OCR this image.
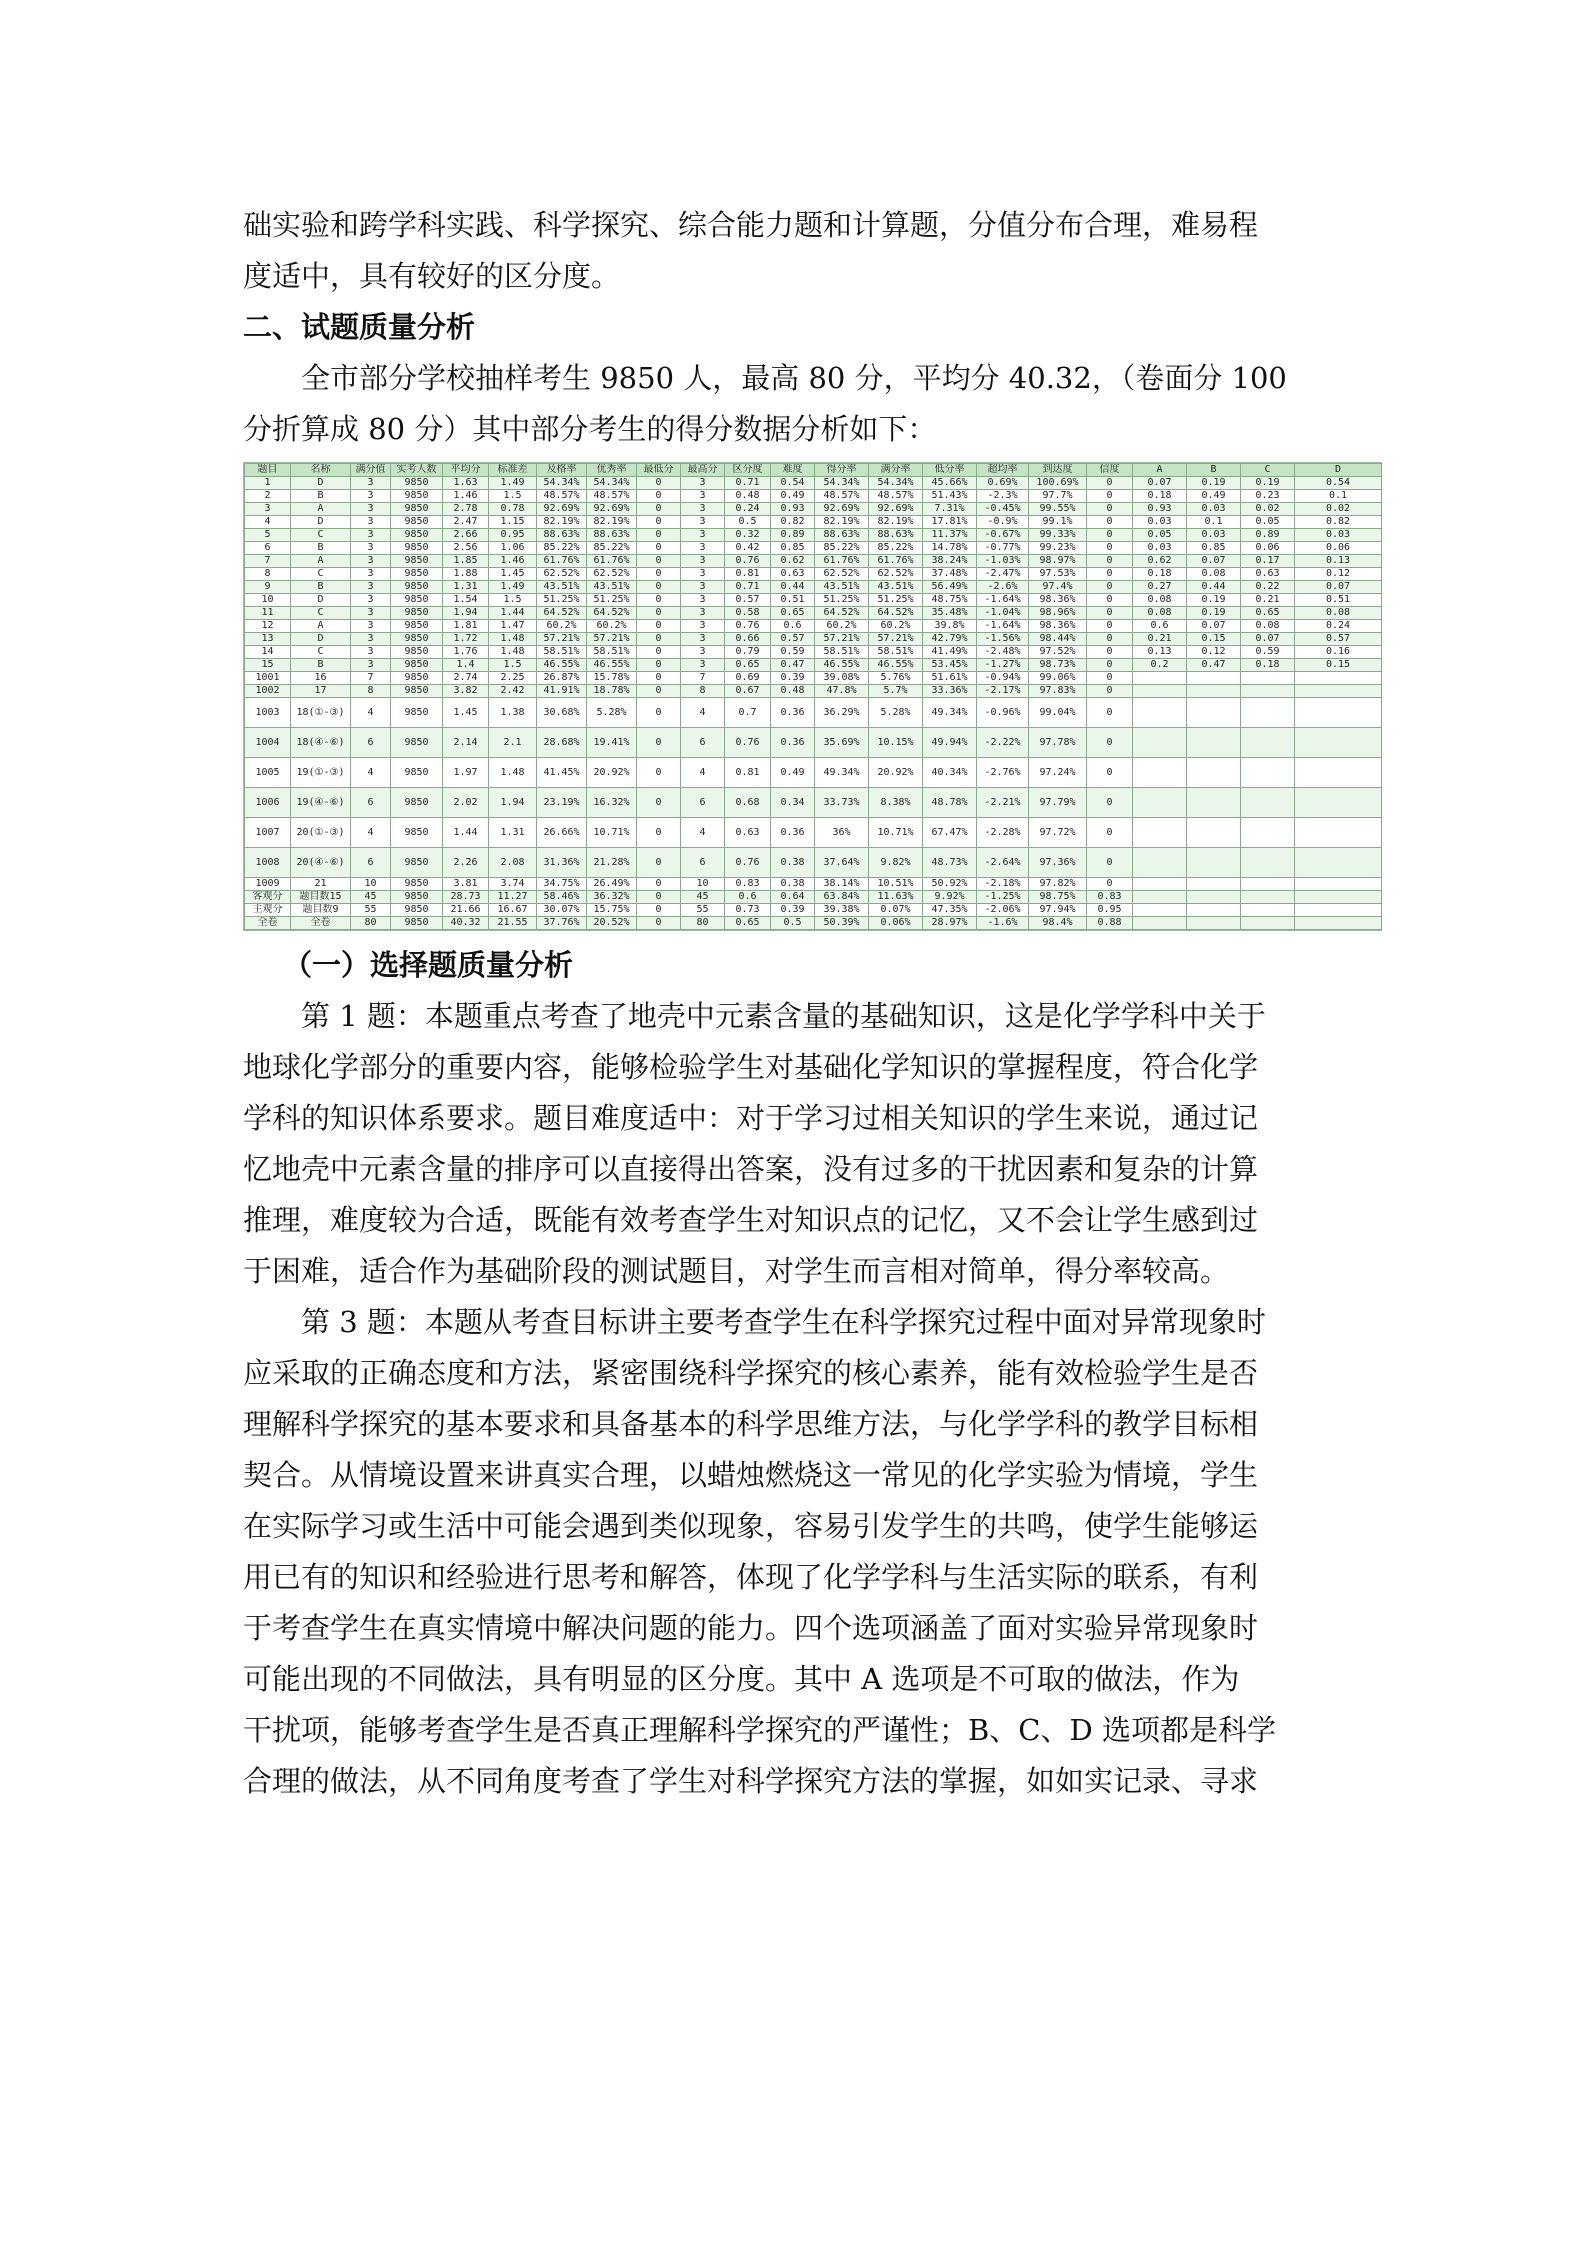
础实验和跨学科实践、科学探究、综合能力题和计算题，分值分布合理，难易程

度适中，具有较好的区分度。

二、试题质量分析

全市部分学校抽样考生 9850 人，最高 80 分，平均分 40.32，（卷面分 100

分折算成 80 分）其中部分考生的得分数据分析如下：

题目	名称	满分值	实考人数	平均分	标准差	及格率	优秀率	最低分	最高分	区分度	难度	得分率	满分率	低分率	超均率	到达度	信度	A	B	C	D
1	D	3	9850	1.63	1.49	54.34%	54.34%	0	3	0.71	0.54	54.34%	54.34%	45.66%	0.69%	100.69%	0	0.07	0.19	0.19	0.54
2	B	3	9850	1.46	1.5	48.57%	48.57%	0	3	0.48	0.49	48.57%	48.57%	51.43%	-2.3%	97.7%	0	0.18	0.49	0.23	0.1
3	A	3	9850	2.78	0.78	92.69%	92.69%	0	3	0.24	0.93	92.69%	92.69%	7.31%	-0.45%	99.55%	0	0.93	0.03	0.02	0.02
4	D	3	9850	2.47	1.15	82.19%	82.19%	0	3	0.5	0.82	82.19%	82.19%	17.81%	-0.9%	99.1%	0	0.03	0.1	0.05	0.82
5	C	3	9850	2.66	0.95	88.63%	88.63%	0	3	0.32	0.89	88.63%	88.63%	11.37%	-0.67%	99.33%	0	0.05	0.03	0.89	0.03
6	B	3	9850	2.56	1.06	85.22%	85.22%	0	3	0.42	0.85	85.22%	85.22%	14.78%	-0.77%	99.23%	0	0.03	0.85	0.06	0.06
7	A	3	9850	1.85	1.46	61.76%	61.76%	0	3	0.76	0.62	61.76%	61.76%	38.24%	-1.03%	98.97%	0	0.62	0.07	0.17	0.13
8	C	3	9850	1.88	1.45	62.52%	62.52%	0	3	0.81	0.63	62.52%	62.52%	37.48%	-2.47%	97.53%	0	0.18	0.08	0.63	0.12
9	B	3	9850	1.31	1.49	43.51%	43.51%	0	3	0.71	0.44	43.51%	43.51%	56.49%	-2.6%	97.4%	0	0.27	0.44	0.22	0.07
10	D	3	9850	1.54	1.5	51.25%	51.25%	0	3	0.57	0.51	51.25%	51.25%	48.75%	-1.64%	98.36%	0	0.08	0.19	0.21	0.51
11	C	3	9850	1.94	1.44	64.52%	64.52%	0	3	0.58	0.65	64.52%	64.52%	35.48%	-1.04%	98.96%	0	0.08	0.19	0.65	0.08
12	A	3	9850	1.81	1.47	60.2%	60.2%	0	3	0.76	0.6	60.2%	60.2%	39.8%	-1.64%	98.36%	0	0.6	0.07	0.08	0.24
13	D	3	9850	1.72	1.48	57.21%	57.21%	0	3	0.66	0.57	57.21%	57.21%	42.79%	-1.56%	98.44%	0	0.21	0.15	0.07	0.57
14	C	3	9850	1.76	1.48	58.51%	58.51%	0	3	0.79	0.59	58.51%	58.51%	41.49%	-2.48%	97.52%	0	0.13	0.12	0.59	0.16
15	B	3	9850	1.4	1.5	46.55%	46.55%	0	3	0.65	0.47	46.55%	46.55%	53.45%	-1.27%	98.73%	0	0.2	0.47	0.18	0.15
1001	16	7	9850	2.74	2.25	26.87%	15.78%	0	7	0.69	0.39	39.08%	5.76%	51.61%	-0.94%	99.06%	0				
1002	17	8	9850	3.82	2.42	41.91%	18.78%	0	8	0.67	0.48	47.8%	5.7%	33.36%	-2.17%	97.83%	0				
1003	18(①-③)	4	9850	1.45	1.38	30.68%	5.28%	0	4	0.7	0.36	36.29%	5.28%	49.34%	-0.96%	99.04%	0				
1004	18(④-⑥)	6	9850	2.14	2.1	28.68%	19.41%	0	6	0.76	0.36	35.69%	10.15%	49.94%	-2.22%	97.78%	0				
1005	19(①-③)	4	9850	1.97	1.48	41.45%	20.92%	0	4	0.81	0.49	49.34%	20.92%	40.34%	-2.76%	97.24%	0				
1006	19(④-⑥)	6	9850	2.02	1.94	23.19%	16.32%	0	6	0.68	0.34	33.73%	8.38%	48.78%	-2.21%	97.79%	0				
1007	20(①-③)	4	9850	1.44	1.31	26.66%	10.71%	0	4	0.63	0.36	36%	10.71%	67.47%	-2.28%	97.72%	0				
1008	20(④-⑥)	6	9850	2.26	2.08	31.36%	21.28%	0	6	0.76	0.38	37.64%	9.82%	48.73%	-2.64%	97.36%	0				
1009	21	10	9850	3.81	3.74	34.75%	26.49%	0	10	0.83	0.38	38.14%	10.51%	50.92%	-2.18%	97.82%	0				
客观分	题目数15	45	9850	28.73	11.27	58.46%	36.32%	0	45	0.6	0.64	63.84%	11.63%	9.92%	-1.25%	98.75%	0.83				
主观分	题目数9	55	9850	21.66	16.67	30.07%	15.75%	0	55	0.73	0.39	39.38%	0.07%	47.35%	-2.06%	97.94%	0.95				
全卷	全卷	80	9850	40.32	21.55	37.76%	20.52%	0	80	0.65	0.5	50.39%	0.06%	28.97%	-1.6%	98.4%	0.88				

（一）选择题质量分析

第 1 题：本题重点考查了地壳中元素含量的基础知识，这是化学学科中关于

地球化学部分的重要内容，能够检验学生对基础化学知识的掌握程度，符合化学

学科的知识体系要求。题目难度适中：对于学习过相关知识的学生来说，通过记

忆地壳中元素含量的排序可以直接得出答案，没有过多的干扰因素和复杂的计算

推理，难度较为合适，既能有效考查学生对知识点的记忆，又不会让学生感到过

于困难，适合作为基础阶段的测试题目，对学生而言相对简单，得分率较高。

第 3 题：本题从考查目标讲主要考查学生在科学探究过程中面对异常现象时

应采取的正确态度和方法，紧密围绕科学探究的核心素养，能有效检验学生是否

理解科学探究的基本要求和具备基本的科学思维方法，与化学学科的教学目标相

契合。从情境设置来讲真实合理，以蜡烛燃烧这一常见的化学实验为情境，学生

在实际学习或生活中可能会遇到类似现象，容易引发学生的共鸣，使学生能够运

用已有的知识和经验进行思考和解答，体现了化学学科与生活实际的联系，有利

于考查学生在真实情境中解决问题的能力。四个选项涵盖了面对实验异常现象时

可能出现的不同做法，具有明显的区分度。其中 A 选项是不可取的做法，作为

干扰项，能够考查学生是否真正理解科学探究的严谨性；B、C、D 选项都是科学

合理的做法，从不同角度考查了学生对科学探究方法的掌握，如如实记录、寻求
